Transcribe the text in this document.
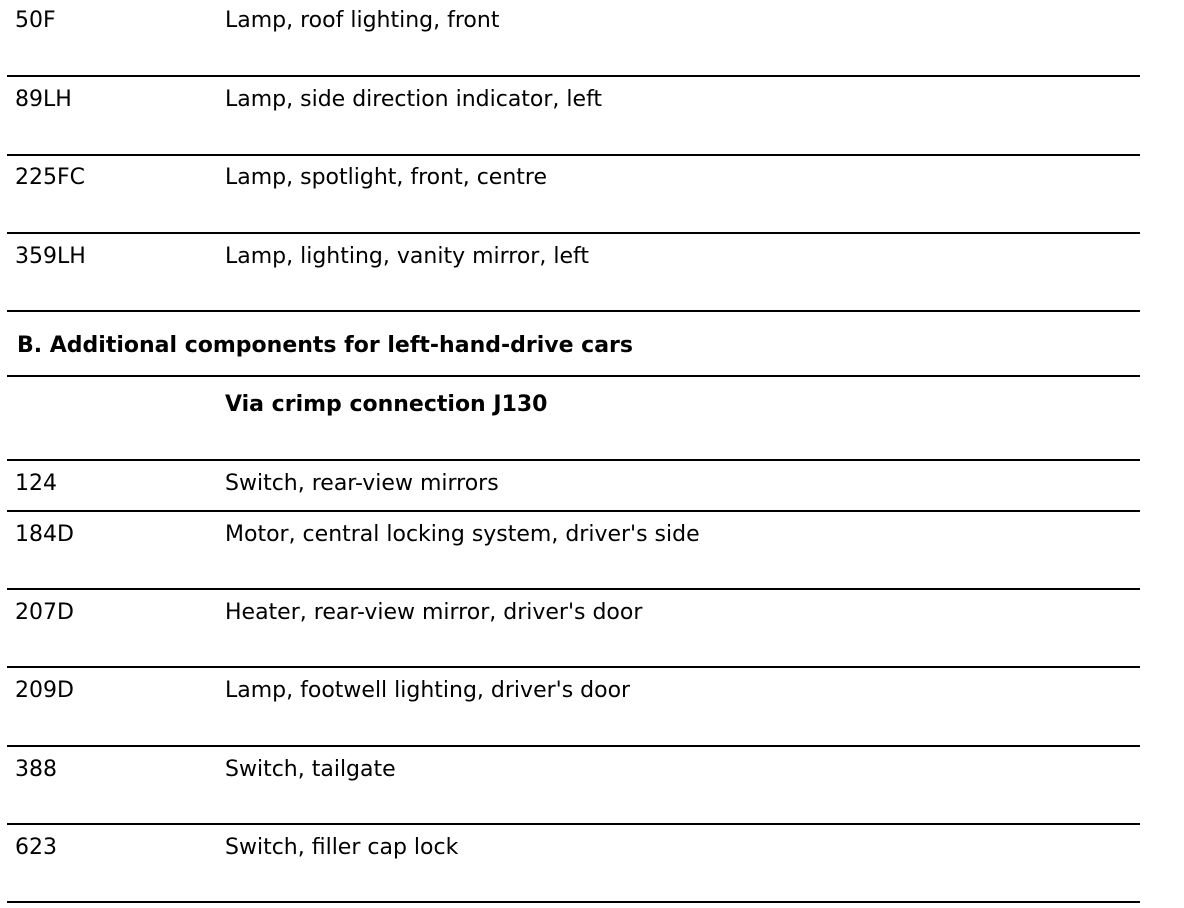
50F	Lamp, roof lighting, front
89LH	Lamp, side direction indicator, left
225FC	Lamp, spotlight, front, centre
359LH	Lamp, lighting, vanity mirror, left
B. Additional components for left-hand-drive cars
Via crimp connection J130
124	Switch, rear-view mirrors
184D	Motor, central locking system, driver's side
207D	Heater, rear-view mirror, driver's door
209D	Lamp, footwell lighting, driver's door
388	Switch, tailgate
623	Switch, filler cap lock
